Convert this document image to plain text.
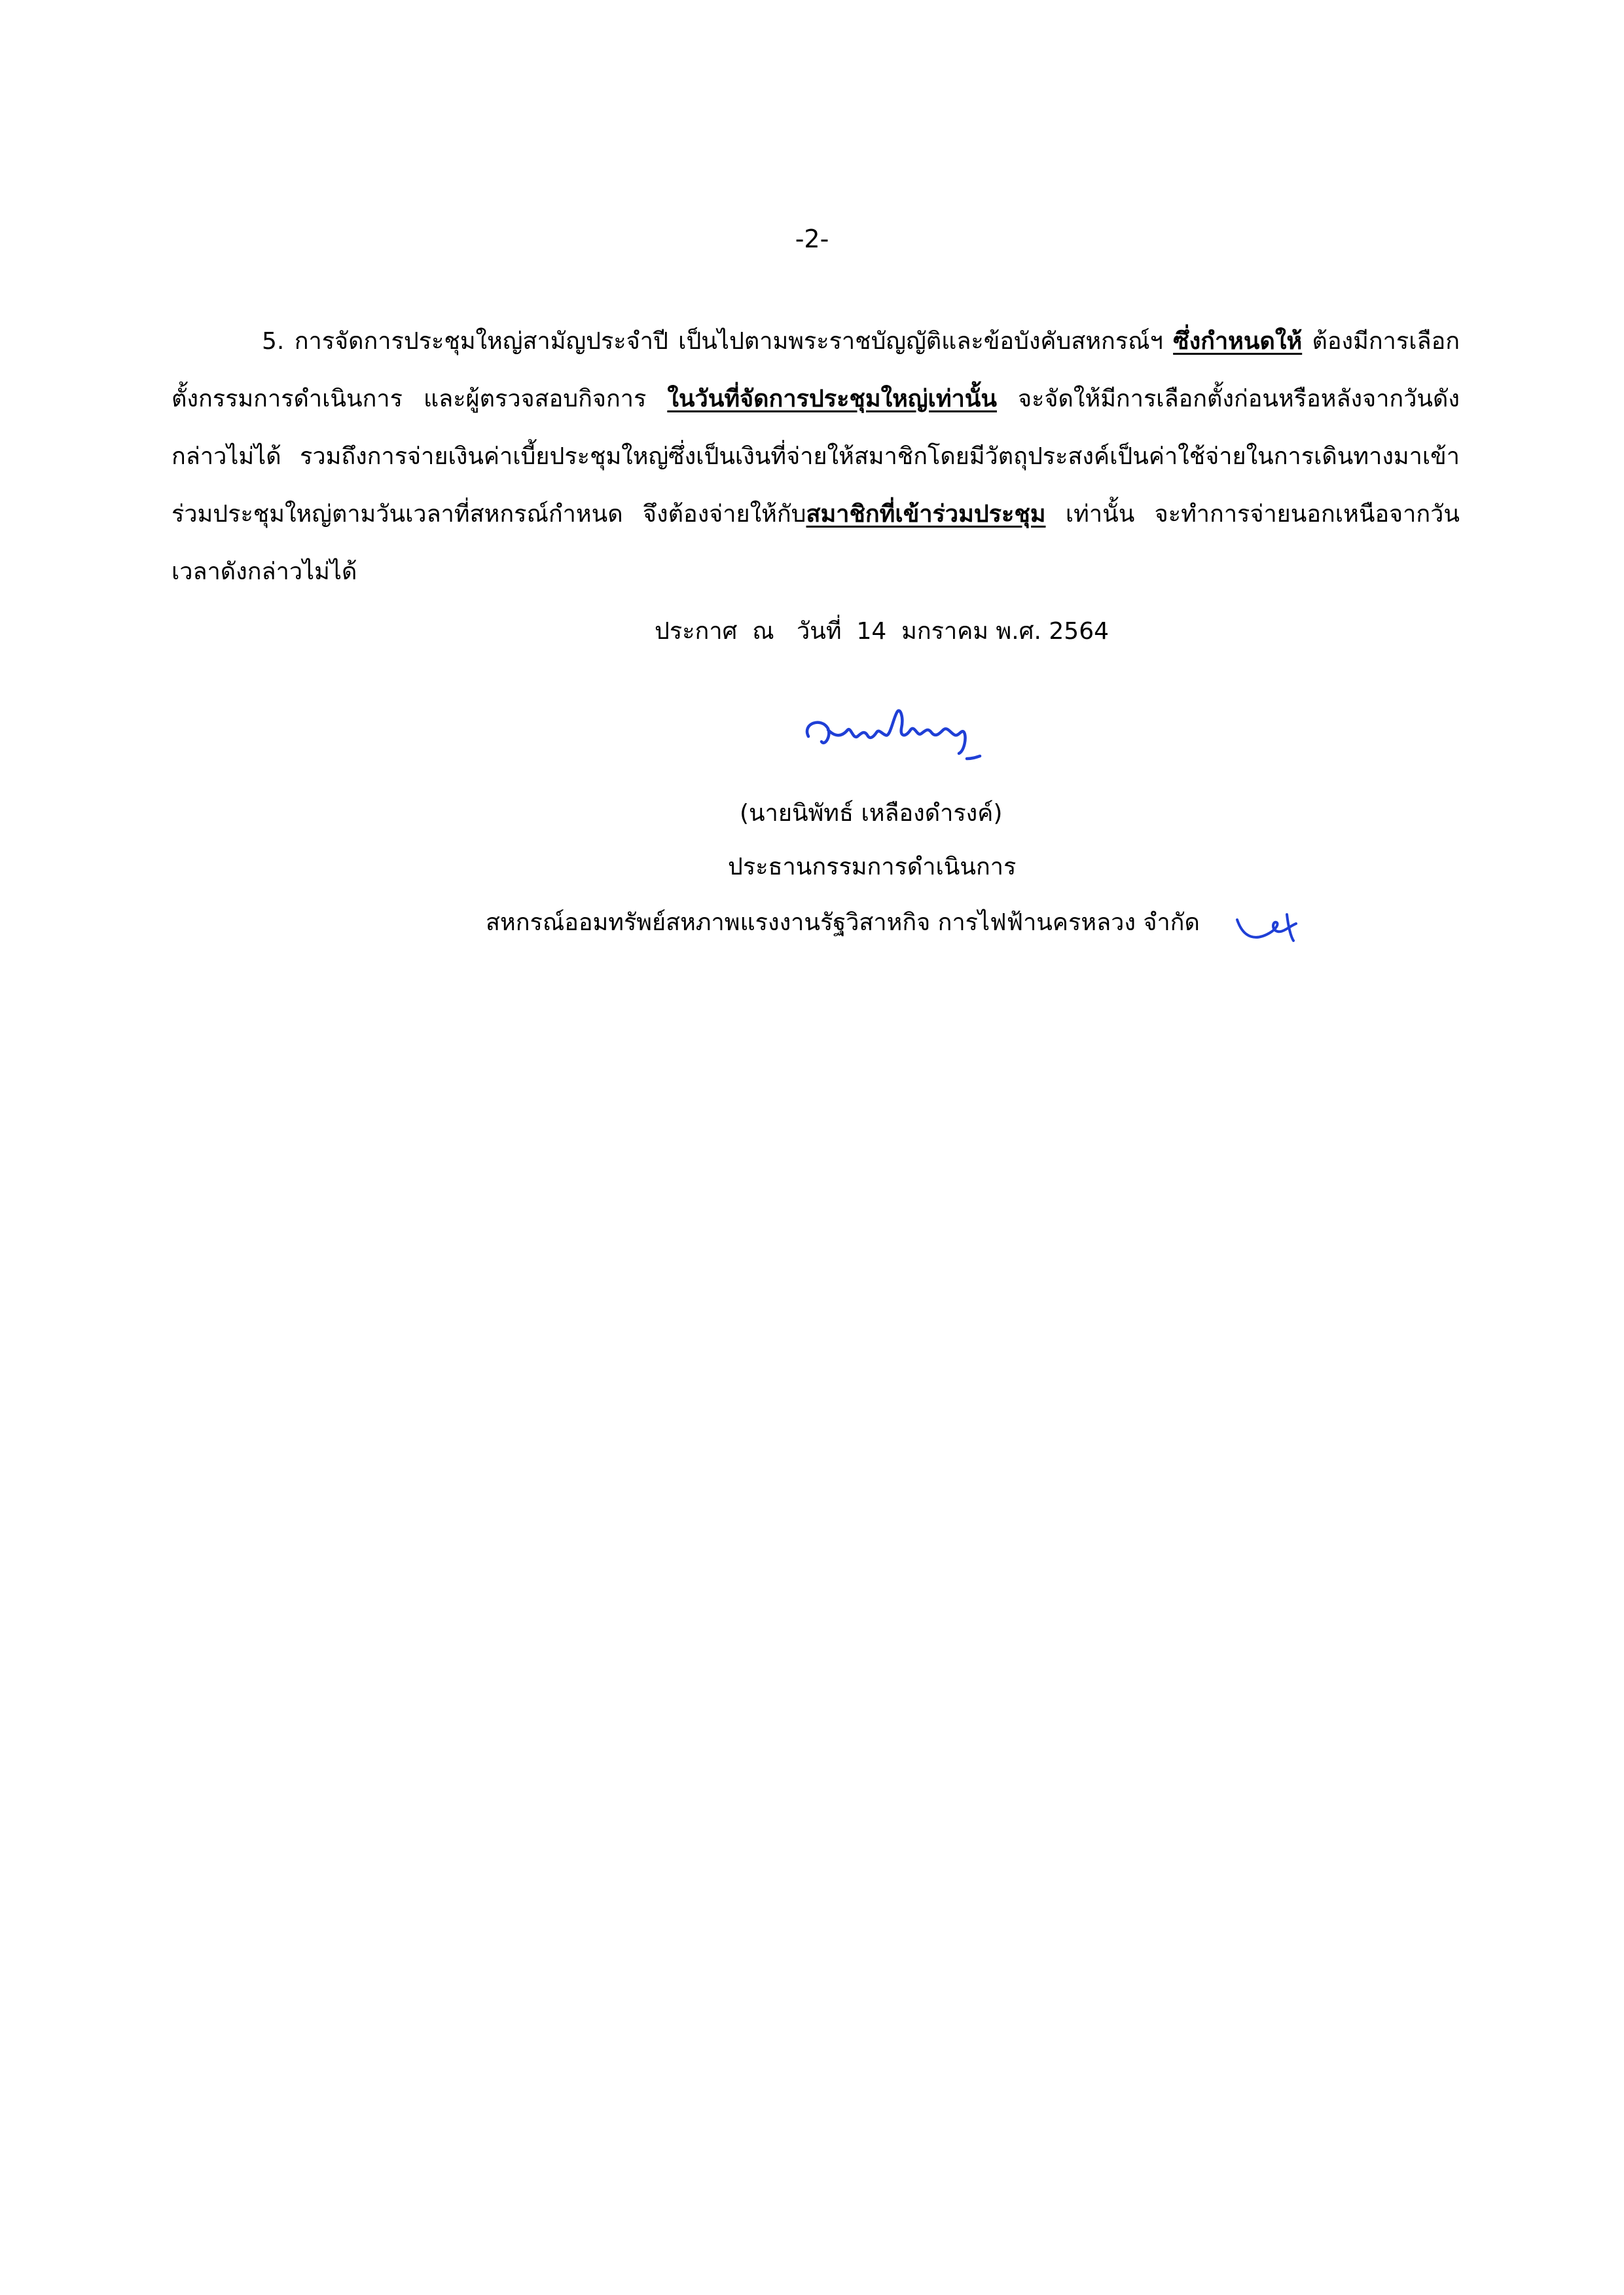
-2-
5. การจัดการประชุมใหญ่สามัญประจำปี เป็นไปตามพระราชบัญญัติและข้อบังคับสหกรณ์ฯ ซึ่งกำหนดให้ ต้องมีการเลือกตั้งกรรมการดำเนินการ และผู้ตรวจสอบกิจการ ในวันที่จัดการประชุมใหญ่เท่านั้น จะจัดให้มีการเลือกตั้งก่อนหรือหลังจากวันดังกล่าวไม่ได้ รวมถึงการจ่ายเงินค่าเบี้ยประชุมใหญ่ซึ่งเป็นเงินที่จ่ายให้สมาชิกโดยมีวัตถุประสงค์เป็นค่าใช้จ่ายในการเดินทางมาเข้าร่วมประชุมใหญ่ตามวันเวลาที่สหกรณ์กำหนด จึงต้องจ่ายให้กับสมาชิกที่เข้าร่วมประชุม เท่านั้น จะทำการจ่ายนอกเหนือจากวันเวลาดังกล่าวไม่ได้
ประกาศ  ณ   วันที่  14  มกราคม พ.ศ. 2564
(นายนิพัทธ์ เหลืองดำรงค์)
ประธานกรรมการดำเนินการ
สหกรณ์ออมทรัพย์สหภาพแรงงานรัฐวิสาหกิจ การไฟฟ้านครหลวง จำกัด
